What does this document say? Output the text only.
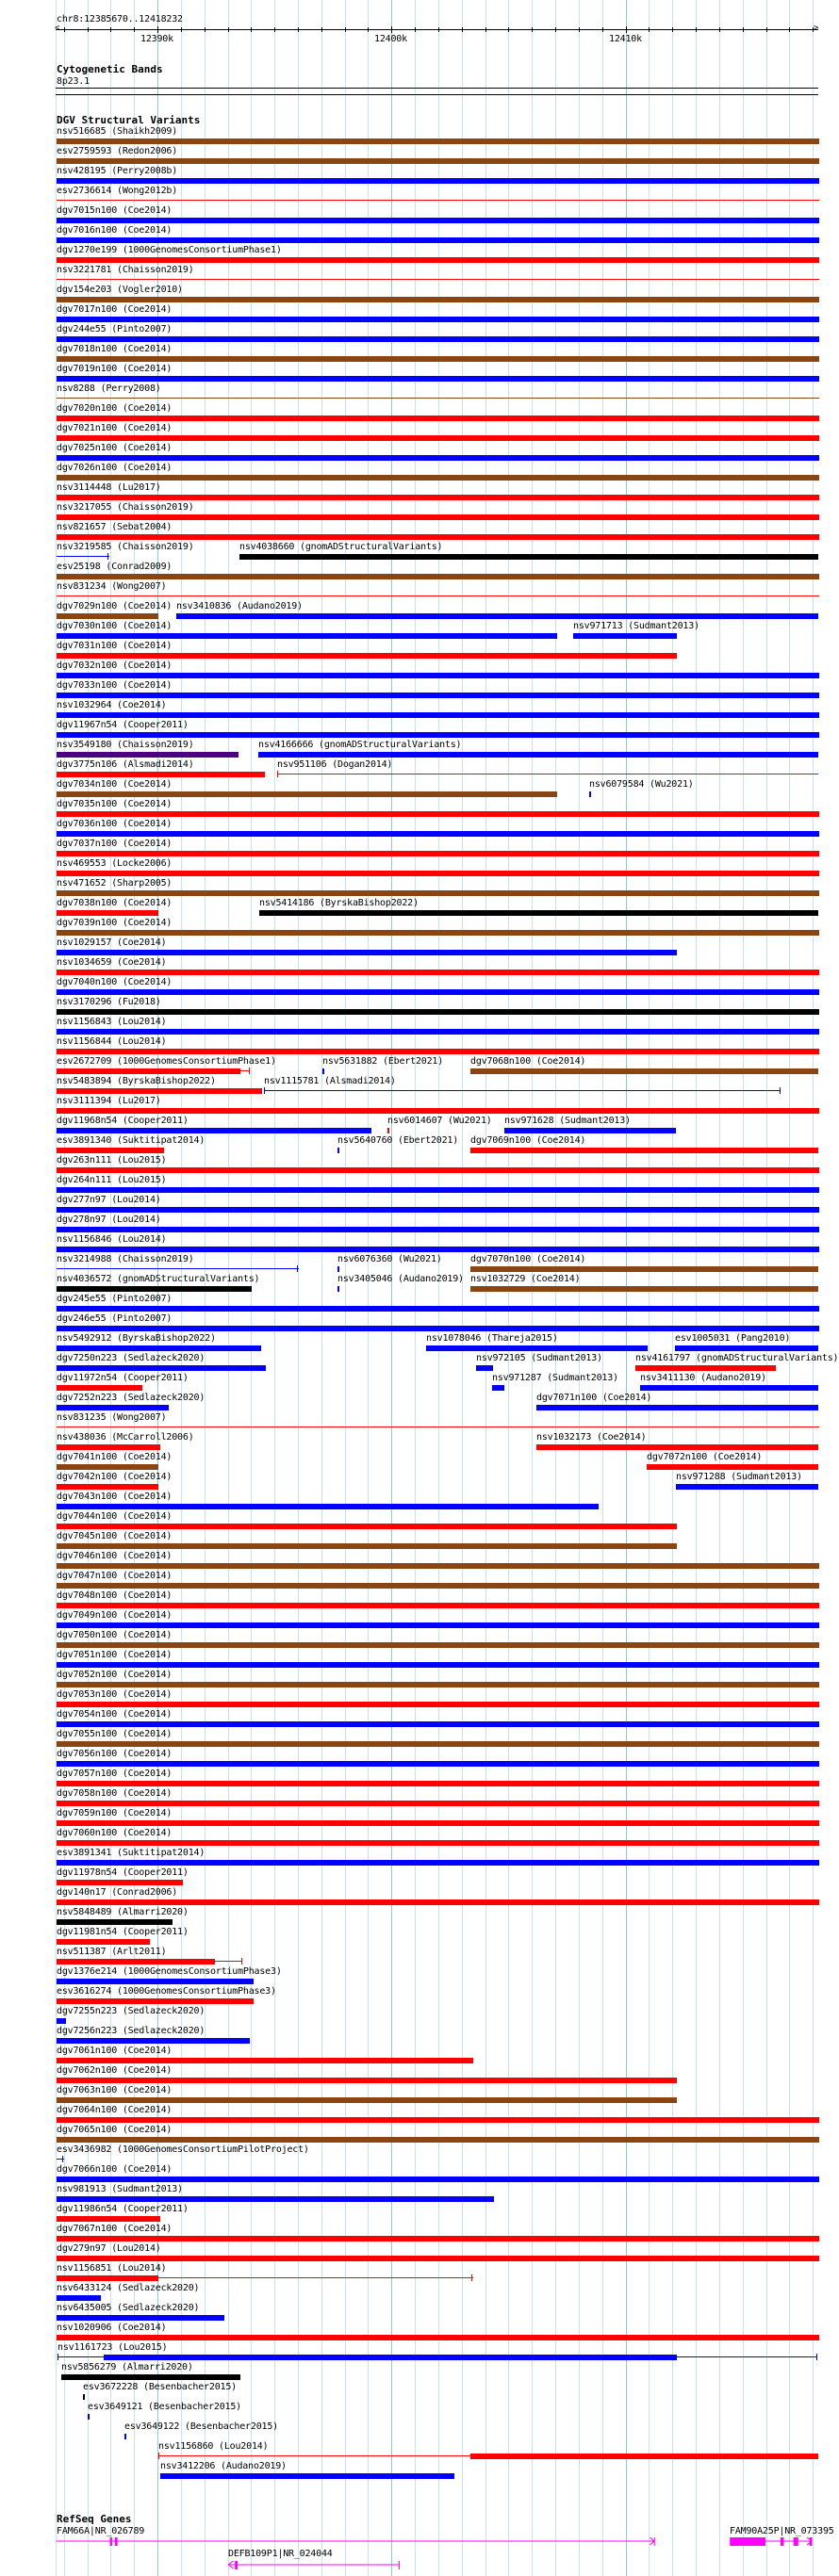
chr8:12385670..12418232
<	>
12390k	12400k	12410k
Cytogenetic Bands
8p23.1
DGV Structural Variants
nsv516685 (Shaikh2009)
esv2759593 (Redon2006)
nsv428195 (Perry2008b)
esv2736614 (Wong2012b)
dgv7015n100 (Coe2014)
dgv7016n100 (Coe2014)
dgv1270e199 (1000GenomesConsortiumPhase1)
nsv3221781 (Chaisson2019)
dgv154e203 (Vogler2010)
dgv7017n100 (Coe2014)
dgv244e55 (Pinto2007)
dgv7018n100 (Coe2014)
dgv7019n100 (Coe2014)
nsv8288 (Perry2008)
dgv7020n100 (Coe2014)
dgv7021n100 (Coe2014)
dgv7025n100 (Coe2014)
dgv7026n100 (Coe2014)
nsv3114448 (Lu2017)
nsv3217055 (Chaisson2019)
nsv821657 (Sebat2004)
nsv3219585 (Chaisson2019)	nsv4038660 (gnomADStructuralVariants)
esv25198 (Conrad2009)
nsv831234 (Wong2007)
dgv7029n100 (Coe2014) nsv3410836 (Audano2019)
dgv7030n100 (Coe2014)	nsv971713 (Sudmant2013)
dgv7031n100 (Coe2014)
dgv7032n100 (Coe2014)
dgv7033n100 (Coe2014)
nsv1032964 (Coe2014)
dgv11967n54 (Cooper2011)
nsv3549180 (Chaisson2019)	nsv4166666 (gnomADStructuralVariants)
dgv3775n106 (Alsmadi2014)	nsv951106 (Dogan2014)
dgv7034n100 (Coe2014)	nsv6079584 (Wu2021)
dgv7035n100 (Coe2014)
dgv7036n100 (Coe2014)
dgv7037n100 (Coe2014)
nsv469553 (Locke2006)
nsv471652 (Sharp2005)
dgv7038n100 (Coe2014)	nsv5414186 (ByrskaBishop2022)
dgv7039n100 (Coe2014)
nsv1029157 (Coe2014)
nsv1034659 (Coe2014)
dgv7040n100 (Coe2014)
nsv3170296 (Fu2018)
nsv1156843 (Lou2014)
nsv1156844 (Lou2014)
esv2672709 (1000GenomesConsortiumPhase1)	nsv5631882 (Ebert2021)	dgv7068n100 (Coe2014)
nsv5483894 (ByrskaBishop2022)	nsv1115781 (Alsmadi2014)
nsv3111394 (Lu2017)
dgv11968n54 (Cooper2011)	nsv6014607 (Wu2021) nsv971628 (Sudmant2013)
esv3891340 (Suktitipat2014)	nsv5640760 (Ebert2021) dgv7069n100 (Coe2014)
dgv263n111 (Lou2015)
dgv264n111 (Lou2015)
dgv277n97 (Lou2014)
dgv278n97 (Lou2014)
nsv1156846 (Lou2014)
nsv3214988 (Chaisson2019)	nsv6076360 (Wu2021)	dgv7070n100 (Coe2014)
nsv4036572 (gnomADStructuralVariants)	nsv3405046 (Audano2019) nsv1032729 (Coe2014)
dgv245e55 (Pinto2007)
dgv246e55 (Pinto2007)
nsv5492912 (ByrskaBishop2022)	nsv1078046 (Thareja2015)	esv1005031 (Pang2010)
dgv7250n223 (Sedlazeck2020)	nsv972105 (Sudmant2013)	nsv4161797 (gnomADStructuralVariants)
dgv11972n54 (Cooper2011)	nsv971287 (Sudmant2013) nsv3411130 (Audano2019)
dgv7252n223 (Sedlazeck2020)	dgv7071n100 (Coe2014)
nsv831235 (Wong2007)
nsv438036 (McCarroll2006)	nsv1032173 (Coe2014)
dgv7041n100 (Coe2014)	dgv7072n100 (Coe2014)
dgv7042n100 (Coe2014)	nsv971288 (Sudmant2013)
dgv7043n100 (Coe2014)
dgv7044n100 (Coe2014)
dgv7045n100 (Coe2014)
dgv7046n100 (Coe2014)
dgv7047n100 (Coe2014)
dgv7048n100 (Coe2014)
dgv7049n100 (Coe2014)
dgv7050n100 (Coe2014)
dgv7051n100 (Coe2014)
dgv7052n100 (Coe2014)
dgv7053n100 (Coe2014)
dgv7054n100 (Coe2014)
dgv7055n100 (Coe2014)
dgv7056n100 (Coe2014)
dgv7057n100 (Coe2014)
dgv7058n100 (Coe2014)
dgv7059n100 (Coe2014)
dgv7060n100 (Coe2014)
esv3891341 (Suktitipat2014)
dgv11978n54 (Cooper2011)
dgv140n17 (Conrad2006)
nsv5848489 (Almarri2020)
dgv11981n54 (Cooper2011)
nsv511387 (Arlt2011)
dgv1376e214 (1000GenomesConsortiumPhase3)
esv3616274 (1000GenomesConsortiumPhase3)
dgv7255n223 (Sedlazeck2020)
dgv7256n223 (Sedlazeck2020)
dgv7061n100 (Coe2014)
dgv7062n100 (Coe2014)
dgv7063n100 (Coe2014)
dgv7064n100 (Coe2014)
dgv7065n100 (Coe2014)
esv3436982 (1000GenomesConsortiumPilotProject)
dgv7066n100 (Coe2014)
nsv981913 (Sudmant2013)
dgv11986n54 (Cooper2011)
dgv7067n100 (Coe2014)
dgv279n97 (Lou2014)
nsv1156851 (Lou2014)
nsv6433124 (Sedlazeck2020)
nsv6435005 (Sedlazeck2020)
nsv1020906 (Coe2014)
nsv1161723 (Lou2015)
nsv5856279 (Almarri2020)
esv3672228 (Besenbacher2015)
esv3649121 (Besenbacher2015)
esv3649122 (Besenbacher2015)
nsv1156860 (Lou2014)
nsv3412206 (Audano2019)
RefSeq Genes
FAM66A|NR_026789
DEFB109P1|NR_024044
FAM90A25P|NR_073395
